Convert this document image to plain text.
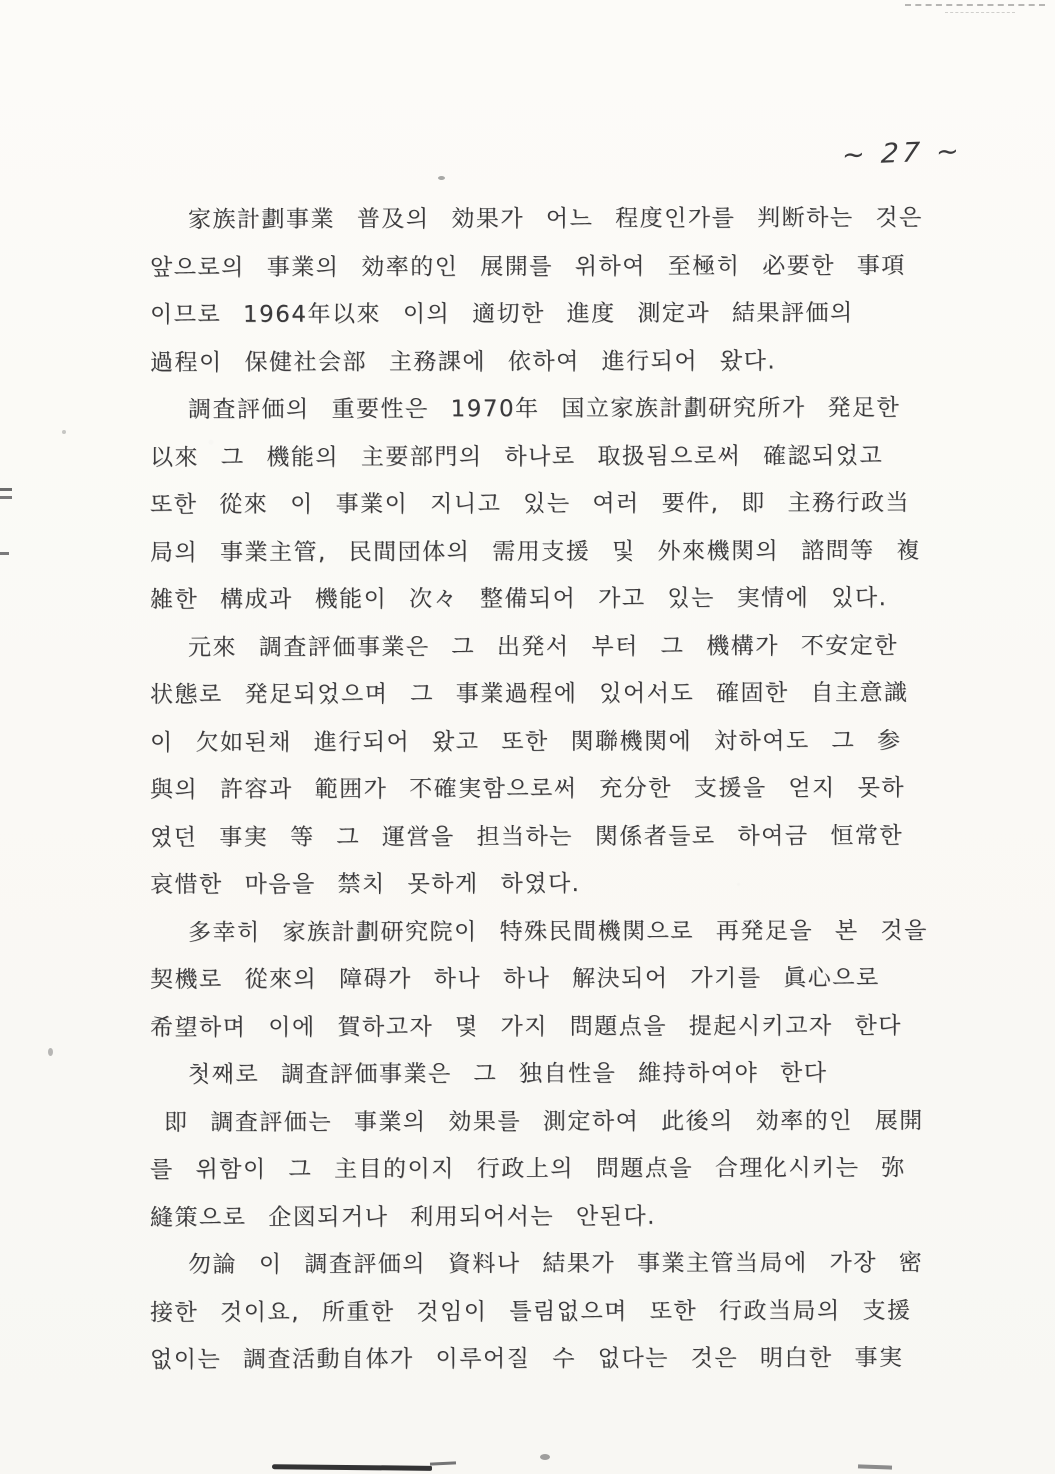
~ 27 ~

家族計劃事業 普及의 効果가 어느 程度인가를 判断하는 것은

앞으로의 事業의 効率的인 展開를 위하여 至極히 必要한 事項

이므로 1964年以來 이의 適切한 進度 測定과 結果評価의

過程이 保健社会部 主務課에 依하여 進行되어 왔다.

調査評価의 重要性은 1970年 国立家族計劃研究所가 発足한

以來 그 機能의 主要部門의 하나로 取扱됨으로써 確認되었고

또한 從來 이 事業이 지니고 있는 여러 要件, 即 主務行政当

局의 事業主管, 民間団体의 需用支援 및 外來機関의 諮問等 複

雑한 構成과 機能이 次々 整備되어 가고 있는 実情에 있다.

元來 調査評価事業은 그 出発서 부터 그 機構가 不安定한

状態로 発足되었으며 그 事業過程에 있어서도 確固한 自主意識

이 欠如된채 進行되어 왔고 또한 関聯機関에 対하여도 그 参

與의 許容과 範囲가 不確実함으로써 充分한 支援을 얻지 못하

였던 事実 等 그 運営을 担当하는 関係者들로 하여금 恒常한

哀惜한 마음을 禁치 못하게 하였다.

多幸히 家族計劃研究院이 特殊民間機関으로 再発足을 본 것을

契機로 從來의 障碍가 하나 하나 解決되어 가기를 眞心으로

希望하며 이에 賀하고자 몇 가지 問題点을 提起시키고자 한다

첫째로 調査評価事業은 그 独自性을 維持하여야 한다

即 調査評価는 事業의 効果를 測定하여 此後의 効率的인 展開

를 위함이 그 主目的이지 行政上의 問題点을 合理化시키는 弥

縫策으로 企図되거나 利用되어서는 안된다.

勿論 이 調査評価의 資料나 結果가 事業主管当局에 가장 密

接한 것이요, 所重한 것임이 틀림없으며 또한 行政当局의 支援

없이는 調査活動自体가 이루어질 수 없다는 것은 明白한 事実
